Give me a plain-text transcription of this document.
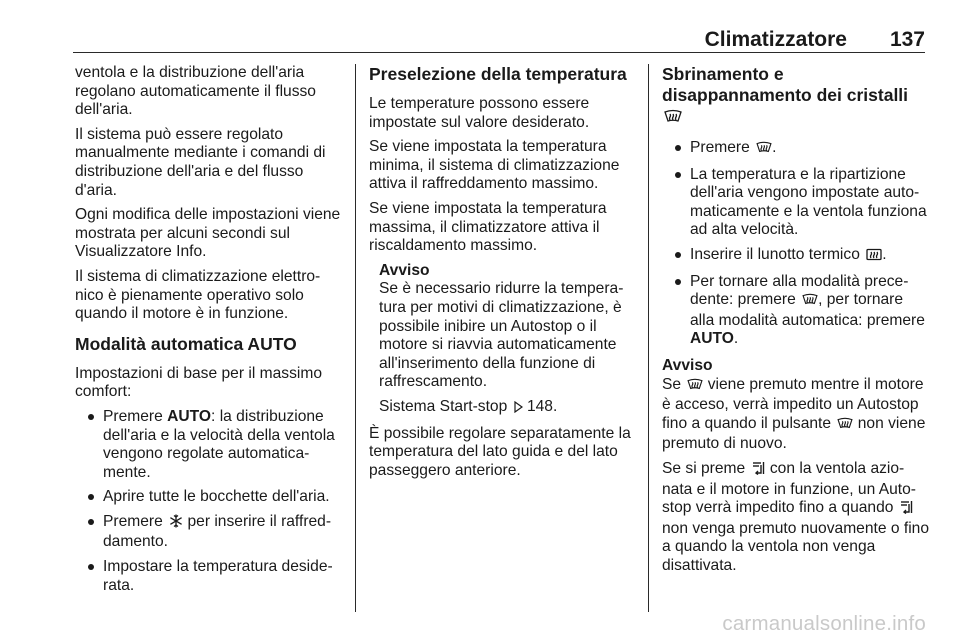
Climatizzatore 137

ventola e la distribuzione dell'aria regolano automaticamente il flusso dell'aria.

Il sistema può essere regolato manualmente mediante i comandi di distribuzione dell'aria e del flusso d'aria.

Ogni modifica delle impostazioni viene mostrata per alcuni secondi sul Visualizzatore Info.

Il sistema di climatizzazione elettro-nico è pienamente operativo solo quando il motore è in funzione.

Modalità automatica AUTO

Impostazioni di base per il massimo comfort:

Premere AUTO: la distribuzione dell'aria e la velocità della ventola vengono regolate automatica-mente.
Aprire tutte le bocchette dell'aria.
Premere  per inserire il raffred-damento.
Impostare la temperatura deside-rata.
Preselezione della temperatura

Le temperature possono essere impostate sul valore desiderato.

Se viene impostata la temperatura minima, il sistema di climatizzazione attiva il raffreddamento massimo.

Se viene impostata la temperatura massima, il climatizzatore attiva il riscaldamento massimo.

Avviso

Se è necessario ridurre la tempera-tura per motivi di climatizzazione, è possibile inibire un Autostop o il motore si riavvia automaticamente all'inserimento della funzione di raffrescamento.

Sistema Start-stop  148.

È possibile regolare separatamente la temperatura del lato guida e del lato passeggero anteriore.

Sbrinamento e disappannamento dei cristalli
Premere .
La temperatura e la ripartizione dell'aria vengono impostate auto-maticamente e la ventola funziona ad alta velocità.
Inserire il lunotto termico .
Per tornare alla modalità prece-dente: premere , per tornare alla modalità automatica: premere AUTO.
Avviso

Se  viene premuto mentre il motore è acceso, verrà impedito un Autostop fino a quando il pulsante  non viene premuto di nuovo.

Se si preme  con la ventola azio-nata e il motore in funzione, un Auto-stop verrà impedito fino a quando  non venga premuto nuovamente o fino a quando la ventola non venga disattivata.

carmanualsonline.info
